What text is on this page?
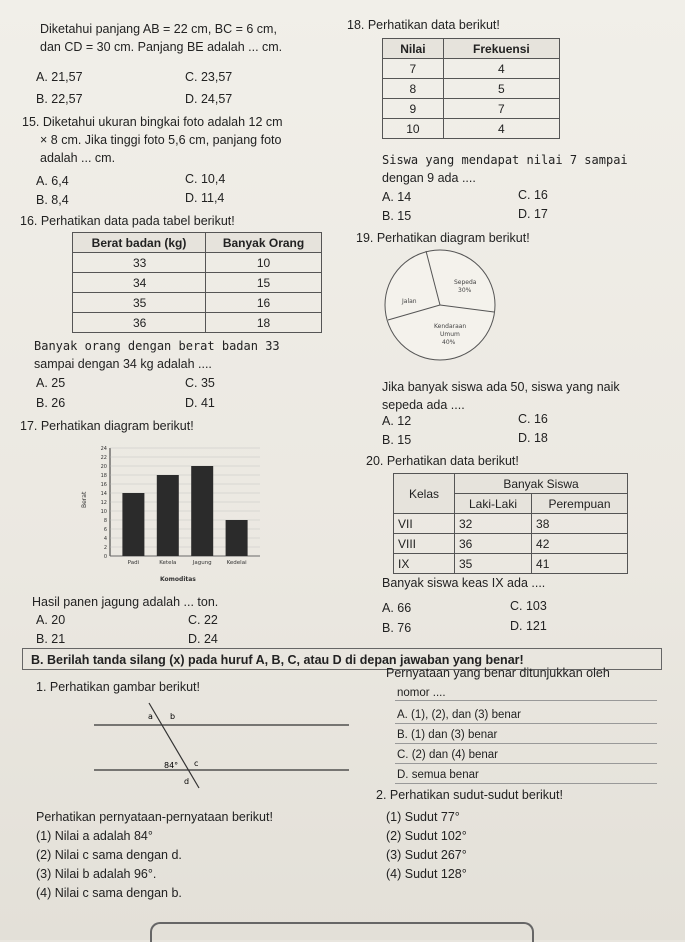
Diketahui panjang AB = 22 cm, BC = 6 cm,
dan CD = 30 cm. Panjang BE adalah ... cm.
A. 21,57	C. 23,57
B. 22,57	D. 24,57
15. Diketahui ukuran bingkai foto adalah 12 cm
× 8 cm. Jika tinggi foto 5,6 cm, panjang foto
adalah ... cm.
A. 6,4	C. 10,4
B. 8,4	D. 11,4
16. Perhatikan data pada tabel berikut!
Berat badan (kg)	Banyak Orang
33	10
34	15
35	16
36	18
Banyak orang dengan berat badan 33
sampai dengan 34 kg adalah ....
A. 25	C. 35
B. 26	D. 41
17. Perhatikan diagram berikut!
Berat
Komoditas
0
2
4
6
8
10
12
14
16
18
20
22
24
Padi	Ketela	Jagung	Kedelai
Hasil panen jagung adalah ... ton.
A. 20	C. 22
B. 21	D. 24
18. Perhatikan data berikut!
Nilai	Frekuensi
7	4
8	5
9	7
10	4
Siswa yang mendapat nilai 7 sampai
dengan 9 ada ....
A. 14	C. 16
B. 15	D. 17
19. Perhatikan diagram berikut!
Sepeda
30%
Jalan
Kendaraan
Umum
40%
Jika banyak siswa ada 50, siswa yang naik
sepeda ada ....
A. 12	C. 16
B. 15	D. 18
20. Perhatikan data berikut!
Kelas	Banyak Siswa	
	Laki-Laki	Perempuan
VII	32	38
VIII	36	42
IX	35	41
Banyak siswa keas IX ada ....
A. 66	C. 103
B. 76	D. 121
B. Berilah tanda silang (x) pada huruf A, B, C, atau D di depan jawaban yang benar!
1. Perhatikan gambar berikut!
a b
84° c
d
Pernyataan yang benar ditunjukkan oleh
nomor ....
A. (1), (2), dan (3) benar
B. (1) dan (3) benar
C. (2) dan (4) benar
D. semua benar
Perhatikan pernyataan-pernyataan berikut!
(1) Nilai a adalah 84°
(2) Nilai c sama dengan d.
(3) Nilai b adalah 96°.
(4) Nilai c sama dengan b.
2. Perhatikan sudut-sudut berikut!
(1) Sudut 77°
(2) Sudut 102°
(3) Sudut 267°
(4) Sudut 128°
